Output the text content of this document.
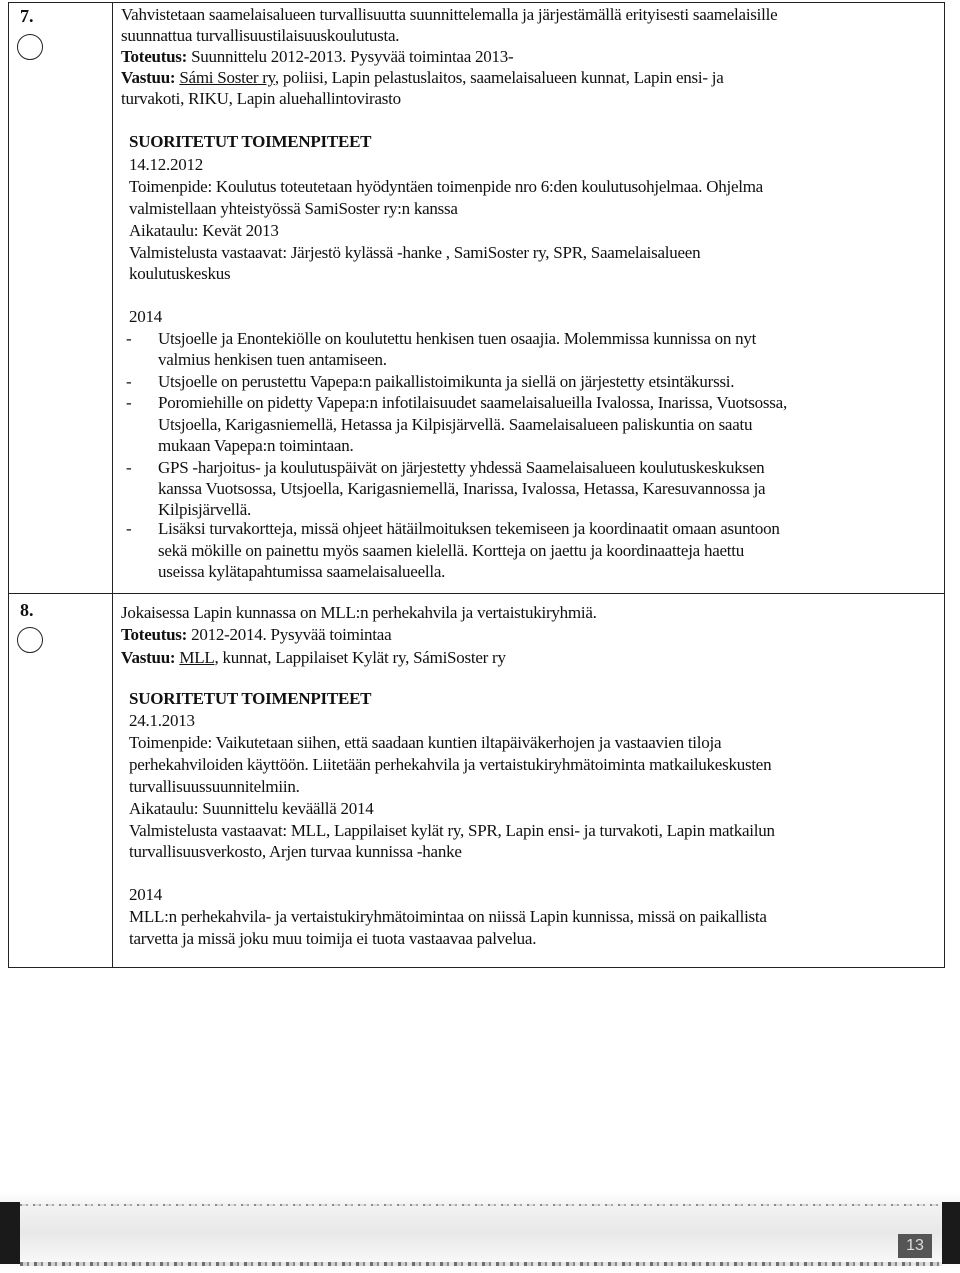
7.	Vahvistetaan saamelaisalueen turvallisuutta suunnittelemalla ja järjestämällä erityisesti saamelaisille
suunnattua turvallisuustilaisuuskoulutusta.
Toteutus: Suunnittelu 2012-2013. Pysyvää toimintaa 2013-
Vastuu: Sámi Soster ry, poliisi, Lapin pelastuslaitos, saamelaisalueen kunnat, Lapin ensi- ja
turvakoti, RIKU, Lapin aluehallintovirasto
SUORITETUT TOIMENPITEET
14.12.2012
Toimenpide: Koulutus toteutetaan hyödyntäen toimenpide nro 6:den koulutusohjelmaa. Ohjelma
valmistellaan yhteistyössä SamiSoster ry:n kanssa
Aikataulu: Kevät 2013
Valmistelusta vastaavat: Järjestö kylässä -hanke , SamiSoster ry, SPR, Saamelaisalueen
koulutuskeskus
2014
- Utsjoelle ja Enontekiölle on koulutettu henkisen tuen osaajia. Molemmissa kunnissa on nyt
valmius henkisen tuen antamiseen.
- Utsjoelle on perustettu Vapepa:n paikallistoimikunta ja siellä on järjestetty etsintäkurssi.
- Poromiehille on pidetty Vapepa:n infotilaisuudet saamelaisalueilla Ivalossa, Inarissa, Vuotsossa,
Utsjoella, Karigasniemellä, Hetassa ja Kilpisjärvellä. Saamelaisalueen paliskuntia on saatu
mukaan Vapepa:n toimintaan.
- GPS -harjoitus- ja koulutuspäivät on järjestetty yhdessä Saamelaisalueen koulutuskeskuksen
kanssa Vuotsossa, Utsjoella, Karigasniemellä, Inarissa, Ivalossa, Hetassa, Karesuvannossa ja
Kilpisjärvellä.
- Lisäksi turvakortteja, missä ohjeet hätäilmoituksen tekemiseen ja koordinaatit omaan asuntoon
sekä mökille on painettu myös saamen kielellä. Kortteja on jaettu ja koordinaatteja haettu
useissa kylätapahtumissa saamelaisalueella.
8.	Jokaisessa Lapin kunnassa on MLL:n perhekahvila ja vertaistukiryhmiä.
Toteutus: 2012-2014. Pysyvää toimintaa
Vastuu: MLL, kunnat, Lappilaiset Kylät ry, SámiSoster ry
SUORITETUT TOIMENPITEET
24.1.2013
Toimenpide: Vaikutetaan siihen, että saadaan kuntien iltapäiväkerhojen ja vastaavien tiloja
perhekahviloiden käyttöön. Liitetään perhekahvila ja vertaistukiryhmätoiminta matkailukeskusten
turvallisuussuunnitelmiin.
Aikataulu: Suunnittelu keväällä 2014
Valmistelusta vastaavat: MLL, Lappilaiset kylät ry, SPR, Lapin ensi- ja turvakoti, Lapin matkailun
turvallisuusverkosto, Arjen turvaa kunnissa -hanke
2014
MLL:n perhekahvila- ja vertaistukiryhmätoimintaa on niissä Lapin kunnissa, missä on paikallista
tarvetta ja missä joku muu toimija ei tuota vastaavaa palvelua.
13
